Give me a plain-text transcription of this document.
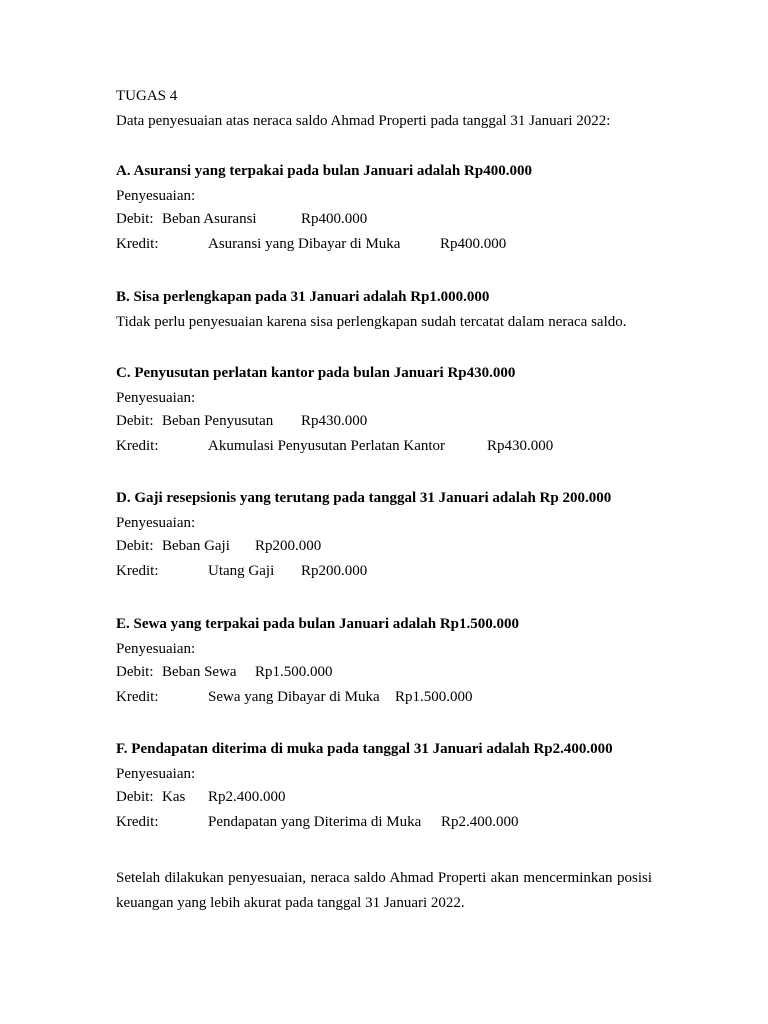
TUGAS 4
Data penyesuaian atas neraca saldo Ahmad Properti pada tanggal 31 Januari 2022:
A. Asuransi yang terpakai pada bulan Januari adalah Rp400.000
Penyesuaian:
Debit: Beban Asuransi	Rp400.000
Kredit:	Asuransi yang Dibayar di Muka	Rp400.000
B. Sisa perlengkapan pada 31 Januari adalah Rp1.000.000
Tidak perlu penyesuaian karena sisa perlengkapan sudah tercatat dalam neraca saldo.
C. Penyusutan perlatan kantor pada bulan Januari Rp430.000
Penyesuaian:
Debit: Beban Penyusutan Rp430.000
Kredit:	Akumulasi Penyusutan Perlatan Kantor	Rp430.000
D. Gaji resepsionis yang terutang pada tanggal 31 Januari adalah Rp 200.000
Penyesuaian:
Debit: Beban Gaji Rp200.000
Kredit:	Utang Gaji Rp200.000
E. Sewa yang terpakai pada bulan Januari adalah Rp1.500.000
Penyesuaian:
Debit: Beban Sewa Rp1.500.000
Kredit:	Sewa yang Dibayar di Muka Rp1.500.000
F. Pendapatan diterima di muka pada tanggal 31 Januari adalah Rp2.400.000
Penyesuaian:
Debit: Kas Rp2.400.000
Kredit:	Pendapatan yang Diterima di Muka Rp2.400.000
Setelah dilakukan penyesuaian, neraca saldo Ahmad Properti akan mencerminkan posisi keuangan yang lebih akurat pada tanggal 31 Januari 2022.
